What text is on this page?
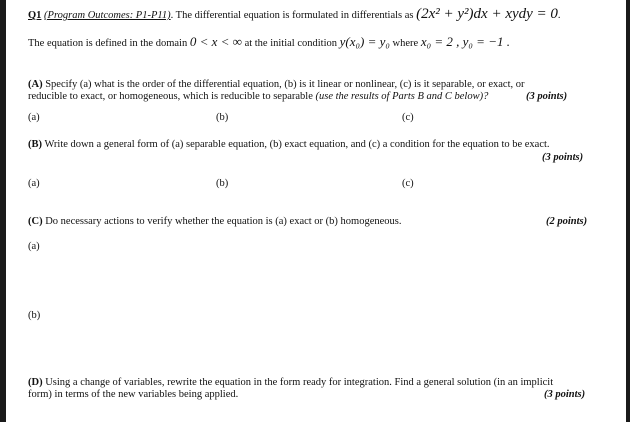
Q1 (Program Outcomes: P1-P11). The differential equation is formulated in differentials as (2x² + y²)dx + xydy = 0.
The equation is defined in the domain 0 < x < ∞ at the initial condition y(x₀) = y₀ where x₀ = 2 , y₀ = −1 .
(A) Specify (a) what is the order of the differential equation, (b) is it linear or nonlinear, (c) is it separable, or exact, or
reducible to exact, or homogeneous, which is reducible to separable (use the results of Parts B and C below)?	(3 points)
(a)	(b)	(c)
(B) Write down a general form of (a) separable equation, (b) exact equation, and (c) a condition for the equation to be exact.
(3 points)
(a)	(b)	(c)
(C) Do necessary actions to verify whether the equation is (a) exact or (b) homogeneous.	(2 points)
(a)
(b)
(D) Using a change of variables, rewrite the equation in the form ready for integration. Find a general solution (in an implicit
form) in terms of the new variables being applied.	(3 points)
